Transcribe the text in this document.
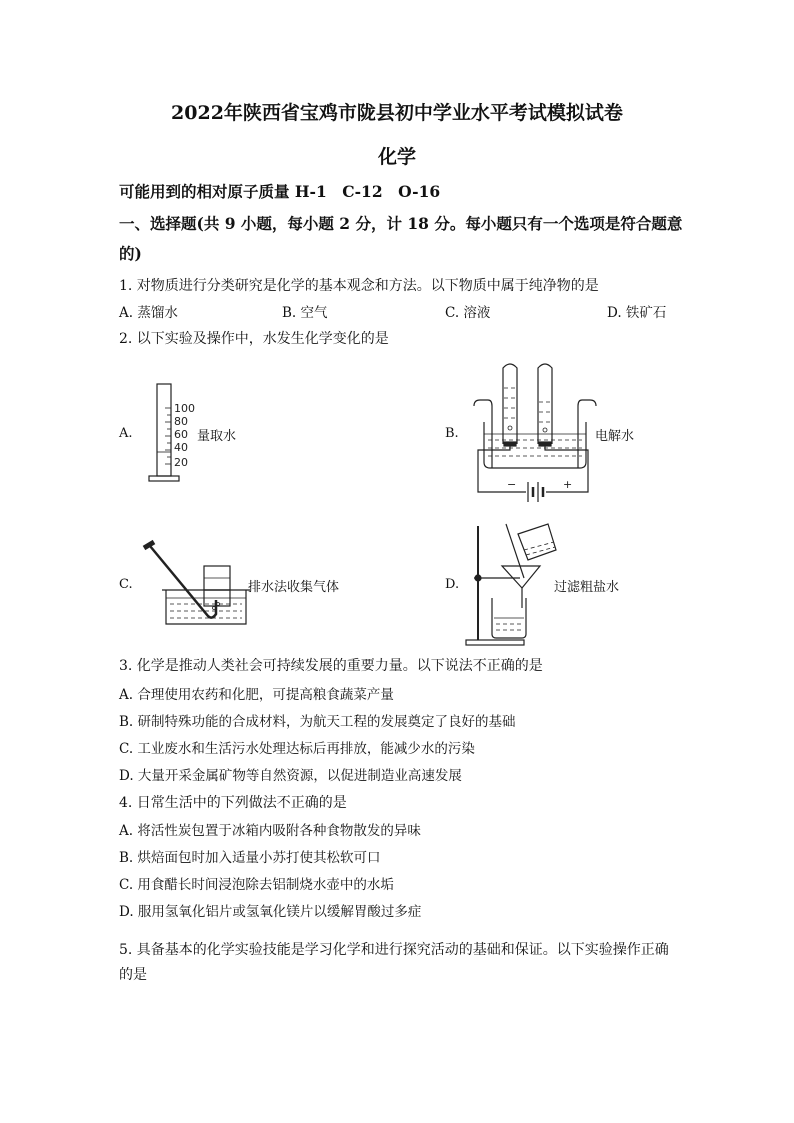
2022年陕西省宝鸡市陇县初中学业水平考试模拟试卷
化学
可能用到的相对原子质量 H-1　C-12　O-16
一、选择题(共 9 小题，每小题 2 分，计 18 分。每小题只有一个选项是符合题意
的)
1. 对物质进行分类研究是化学的基本观念和方法。以下物质中属于纯净物的是
A. 蒸馏水	B. 空气	C. 溶液	D. 铁矿石
2. 以下实验及操作中，水发生化学变化的是
A.
100
80
60
40
20
量取水	B.
−	+
电解水
C.	排水法收集气体	D.	过滤粗盐水
3. 化学是推动人类社会可持续发展的重要力量。以下说法不正确的是
A. 合理使用农药和化肥，可提高粮食蔬菜产量
B. 研制特殊功能的合成材料，为航天工程的发展奠定了良好的基础
C. 工业废水和生活污水处理达标后再排放，能减少水的污染
D. 大量开采金属矿物等自然资源，以促进制造业高速发展
4. 日常生活中的下列做法不正确的是
A. 将活性炭包置于冰箱内吸附各种食物散发的异味
B. 烘焙面包时加入适量小苏打使其松软可口
C. 用食醋长时间浸泡除去铝制烧水壶中的水垢
D. 服用氢氧化铝片或氢氧化镁片以缓解胃酸过多症
5. 具备基本的化学实验技能是学习化学和进行探究活动的基础和保证。以下实验操作正确
的是
